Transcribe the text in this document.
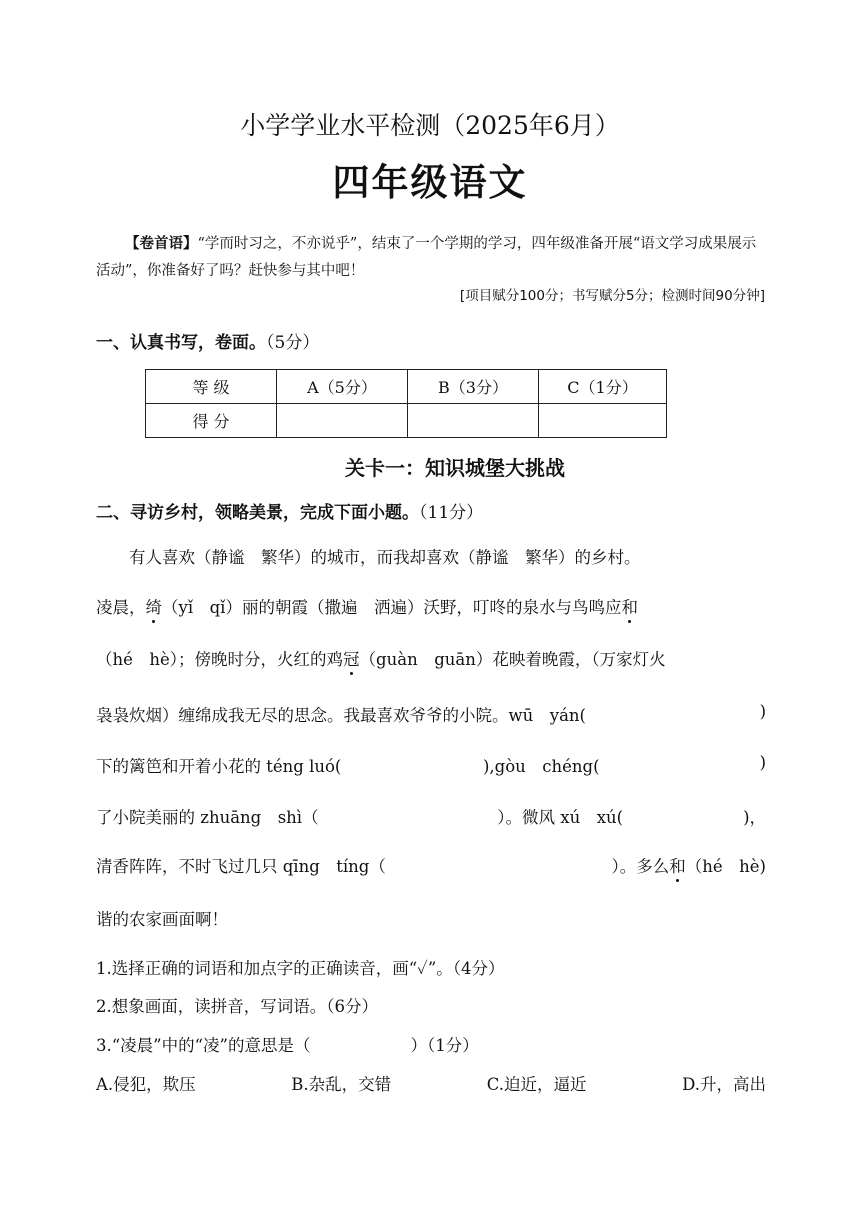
小学学业水平检测（2025年6月）
四年级语文
【卷首语】“学而时习之，不亦说乎”，结束了一个学期的学习，四年级准备开展“语文学习成果展示活动”，你准备好了吗？赶快参与其中吧！
[项目赋分100分；书写赋分5分；检测时间90分钟]
一、认真书写，卷面。（5分）
等 级	A（5分）	B（3分）	C（1分）
得 分			
关卡一：知识城堡大挑战
二、寻访乡村，领略美景，完成下面小题。（11分）
有人喜欢（静谧　繁华）的城市，而我却喜欢（静谧　繁华）的乡村。
凌晨，绮（yǐ　qǐ）丽的朝霞（撒遍　洒遍）沃野，叮咚的泉水与鸟鸣应和
（hé　hè）；傍晚时分，火红的鸡冠（guàn　guān）花映着晚霞，（万家灯火
袅袅炊烟）缠绵成我无尽的思念。我最喜欢爷爷的小院。wū　yán(	)
下的篱笆和开着小花的 téng luó(	),gòu　chéng(	)
了小院美丽的 zhuāng　shì（	）。微风 xú　xú(	)，
清香阵阵，不时飞过几只 qīng　tíng（	）。多么和（hé　hè)
谐的农家画面啊！
1.选择正确的词语和加点字的正确读音，画“✓”。（4分）
2.想象画面，读拼音，写词语。（6分）
3.“凌晨”中的“凌”的意思是（	）（1分）
A.侵犯，欺压	B.杂乱，交错	C.迫近，逼近	D.升，高出
